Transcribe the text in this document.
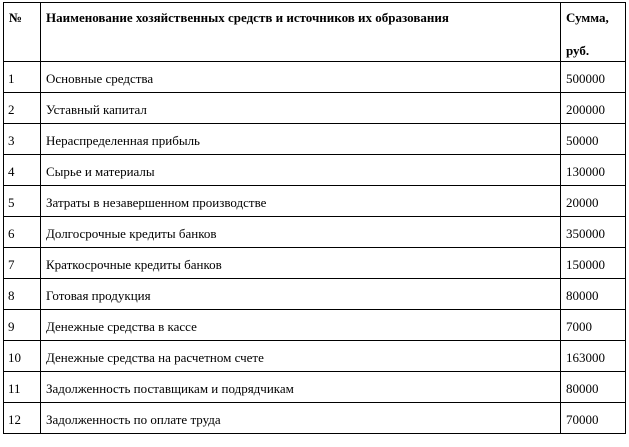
№	Наименование хозяйственных средств и источников их образования	Сумма,
руб.

1	Основные средства	500000

2	Уставный капитал	200000

3	Нераспределенная прибыль	50000

4	Сырье и материалы	130000

5	Затраты в незавершенном производстве	20000

6	Долгосрочные кредиты банков	350000

7	Краткосрочные кредиты банков	150000

8	Готовая продукция	80000

9	Денежные средства в кассе	7000

10	Денежные средства на расчетном счете	163000

11	Задолженность поставщикам и подрядчикам	80000

12	Задолженность по оплате труда	70000
